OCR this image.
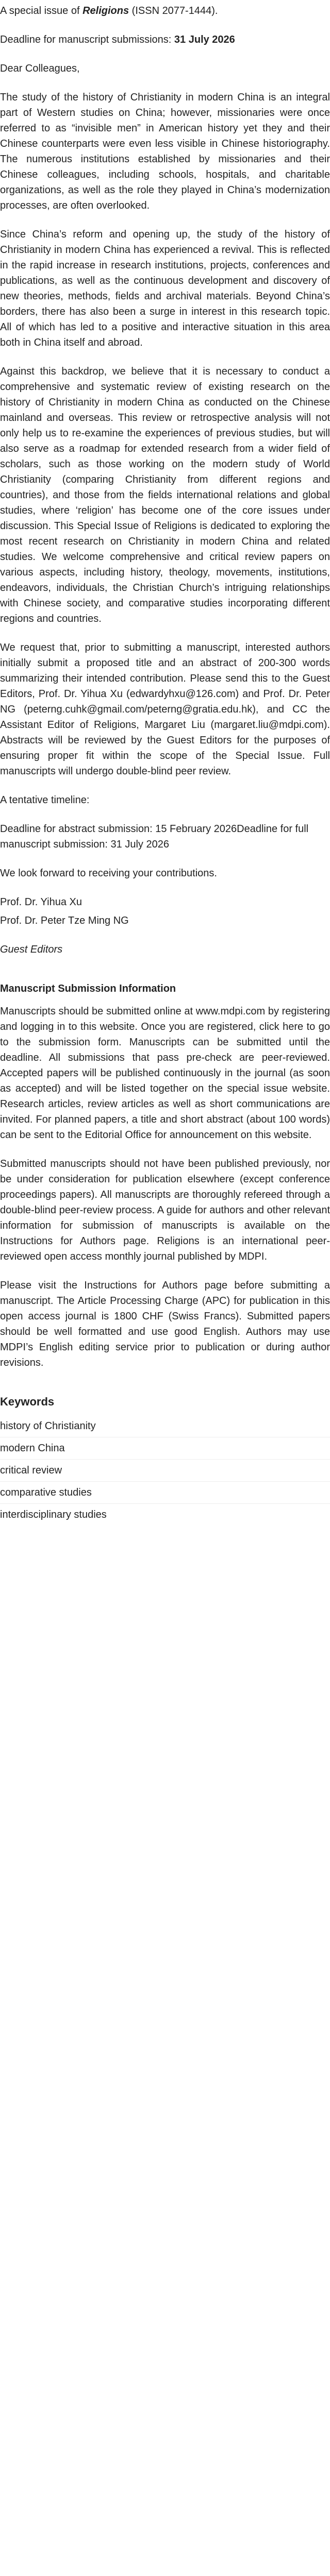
A special issue of Religions (ISSN 2077-1444).

Deadline for manuscript submissions: 31 July 2026

Dear Colleagues,

The study of the history of Christianity in modern China is an integral part of Western studies on China; however, missionaries were once referred to as “invisible men” in American history yet they and their Chinese counterparts were even less visible in Chinese historiography. The numerous institutions established by missionaries and their Chinese colleagues, including schools, hospitals, and charitable organizations, as well as the role they played in China’s modernization processes, are often overlooked.

Since China’s reform and opening up, the study of the history of Christianity in modern China has experienced a revival. This is reflected in the rapid increase in research institutions, projects, conferences and publications, as well as the continuous development and discovery of new theories, methods, fields and archival materials. Beyond China’s borders, there has also been a surge in interest in this research topic. All of which has led to a positive and interactive situation in this area both in China itself and abroad.

Against this backdrop, we believe that it is necessary to conduct a comprehensive and systematic review of existing research on the history of Christianity in modern China as conducted on the Chinese mainland and overseas. This review or retrospective analysis will not only help us to re-examine the experiences of previous studies, but will also serve as a roadmap for extended research from a wider field of scholars, such as those working on the modern study of World Christianity (comparing Christianity from different regions and countries), and those from the fields international relations and global studies, where ‘religion’ has become one of the core issues under discussion. This Special Issue of Religions is dedicated to exploring the most recent research on Christianity in modern China and related studies. We welcome comprehensive and critical review papers on various aspects, including history, theology, movements, institutions, endeavors, individuals, the Christian Church’s intriguing relationships with Chinese society, and comparative studies incorporating different regions and countries.

We request that, prior to submitting a manuscript, interested authors initially submit a proposed title and an abstract of 200-300 words summarizing their intended contribution. Please send this to the Guest Editors, Prof. Dr. Yihua Xu (edwardyhxu@126.com) and Prof. Dr. Peter NG (peterng.cuhk@gmail.com/peterng@gratia.edu.hk), and CC the Assistant Editor of Religions, Margaret Liu (margaret.liu@mdpi.com). Abstracts will be reviewed by the Guest Editors for the purposes of ensuring proper fit within the scope of the Special Issue. Full manuscripts will undergo double-blind peer review.

A tentative timeline:

Deadline for abstract submission: 15 February 2026Deadline for full manuscript submission: 31 July 2026

We look forward to receiving your contributions.

Prof. Dr. Yihua Xu

Prof. Dr. Peter Tze Ming NG

Guest Editors

Manuscript Submission Information

Manuscripts should be submitted online at www.mdpi.com by registering and logging in to this website. Once you are registered, click here to go to the submission form. Manuscripts can be submitted until the deadline. All submissions that pass pre-check are peer-reviewed. Accepted papers will be published continuously in the journal (as soon as accepted) and will be listed together on the special issue website. Research articles, review articles as well as short communications are invited. For planned papers, a title and short abstract (about 100 words) can be sent to the Editorial Office for announcement on this website.

Submitted manuscripts should not have been published previously, nor be under consideration for publication elsewhere (except conference proceedings papers). All manuscripts are thoroughly refereed through a double-blind peer-review process. A guide for authors and other relevant information for submission of manuscripts is available on the Instructions for Authors page. Religions is an international peer-reviewed open access monthly journal published by MDPI.

Please visit the Instructions for Authors page before submitting a manuscript. The Article Processing Charge (APC) for publication in this open access journal is 1800 CHF (Swiss Francs). Submitted papers should be well formatted and use good English. Authors may use MDPI’s English editing service prior to publication or during author revisions.

Keywords
history of Christianity
modern China
critical review
comparative studies
interdisciplinary studies
